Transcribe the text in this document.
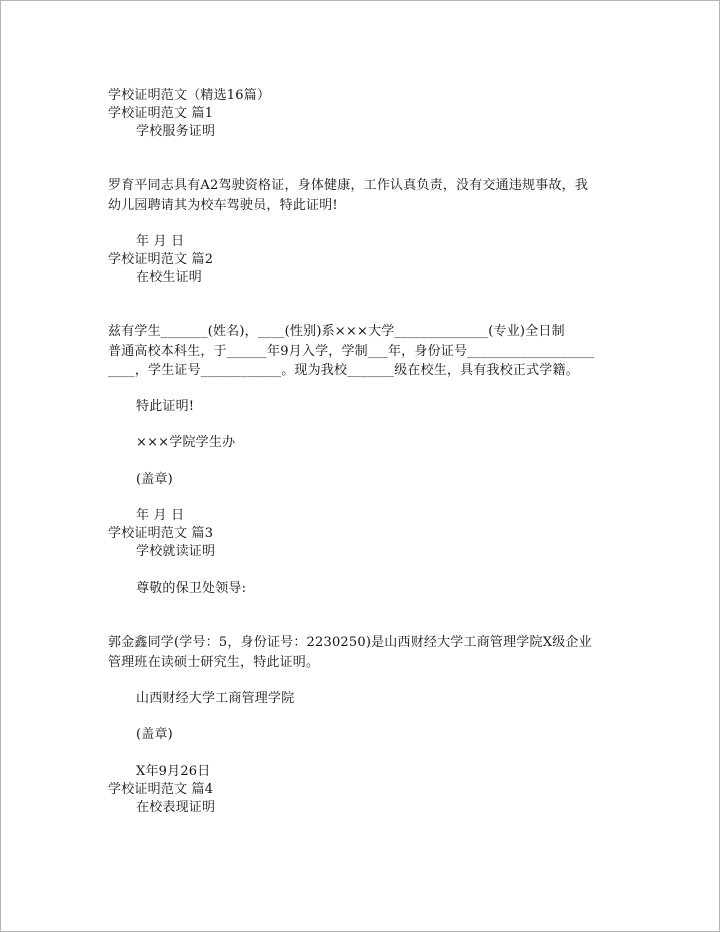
学校证明范文（精选16篇）
学校证明范文 篇1
学校服务证明
罗育平同志具有A2驾驶资格证，身体健康，工作认真负责，没有交通违规事故，我
幼儿园聘请其为校车驾驶员，特此证明!
年 月 日
学校证明范文 篇2
在校生证明
兹有学生_______(姓名)，____(性别)系×××大学______________(专业)全日制
普通高校本科生，于______年9月入学，学制___年，身份证号___________________
____，学生证号____________。现为我校_______级在校生，具有我校正式学籍。
特此证明!
×××学院学生办
(盖章)
年 月 日
学校证明范文 篇3
学校就读证明
尊敬的保卫处领导:
郭金鑫同学(学号：5，身份证号：2230250)是山西财经大学工商管理学院X级企业
管理班在读硕士研究生，特此证明。
山西财经大学工商管理学院
(盖章)
X年9月26日
学校证明范文 篇4
在校表现证明
